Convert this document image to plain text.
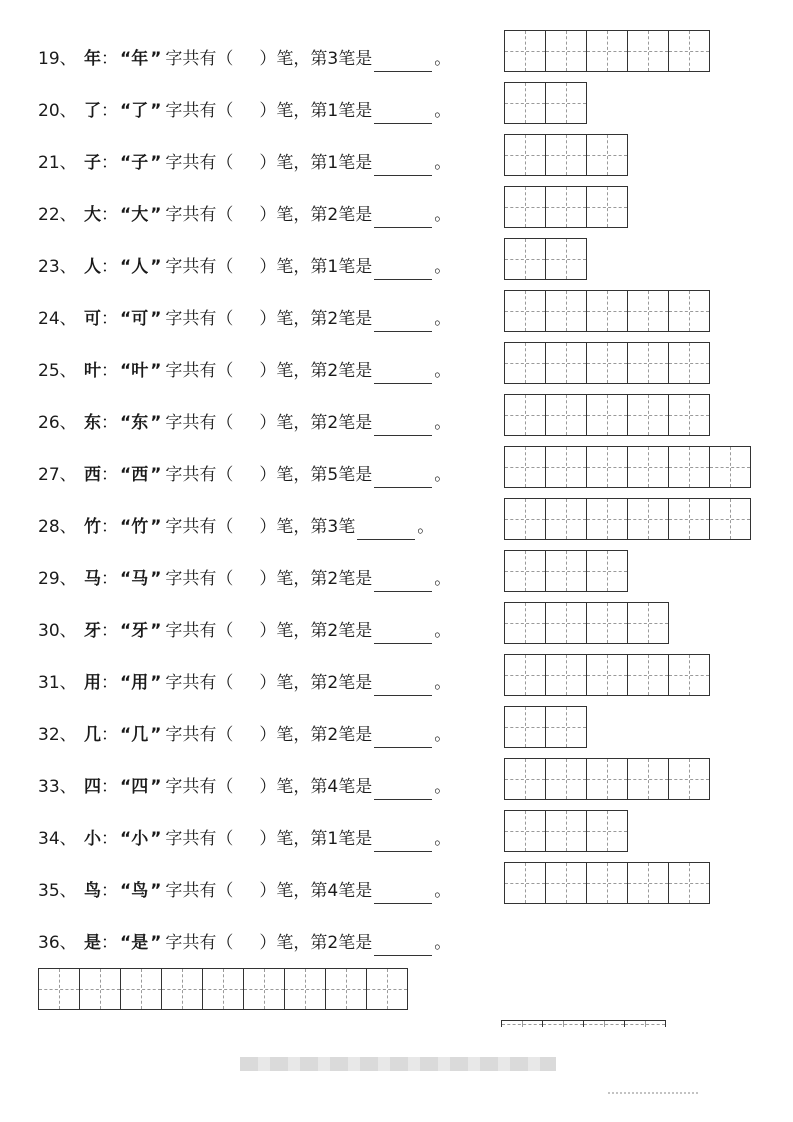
19、 年： “年 ” 字共有（ ）笔，第3笔是	。
20、 了： “了 ” 字共有（ ）笔，第1笔是	。
21、 子： “子 ” 字共有（ ）笔，第1笔是	。
22、 大： “大 ” 字共有（ ）笔，第2笔是	。
23、 人： “人 ” 字共有（ ）笔，第1笔是	。
24、 可： “可 ” 字共有（ ）笔，第2笔是	。
25、 叶： “叶 ” 字共有（ ）笔，第2笔是	。
26、 东： “东 ” 字共有（ ）笔，第2笔是	。
27、 西： “西 ” 字共有（ ）笔，第5笔是	。
28、 竹： “竹 ” 字共有（ ）笔，第3笔	。
29、 马： “马 ” 字共有（ ）笔，第2笔是	。
30、 牙： “牙 ” 字共有（ ）笔，第2笔是	。
31、 用： “用 ” 字共有（ ）笔，第2笔是	。
32、 几： “几 ” 字共有（ ）笔，第2笔是	。
33、 四： “四 ” 字共有（ ）笔，第4笔是	。
34、 小： “小 ” 字共有（ ）笔，第1笔是	。
35、 鸟： “鸟 ” 字共有（ ）笔，第4笔是	。
36、 是： “是 ” 字共有（ ）笔，第2笔是	。
